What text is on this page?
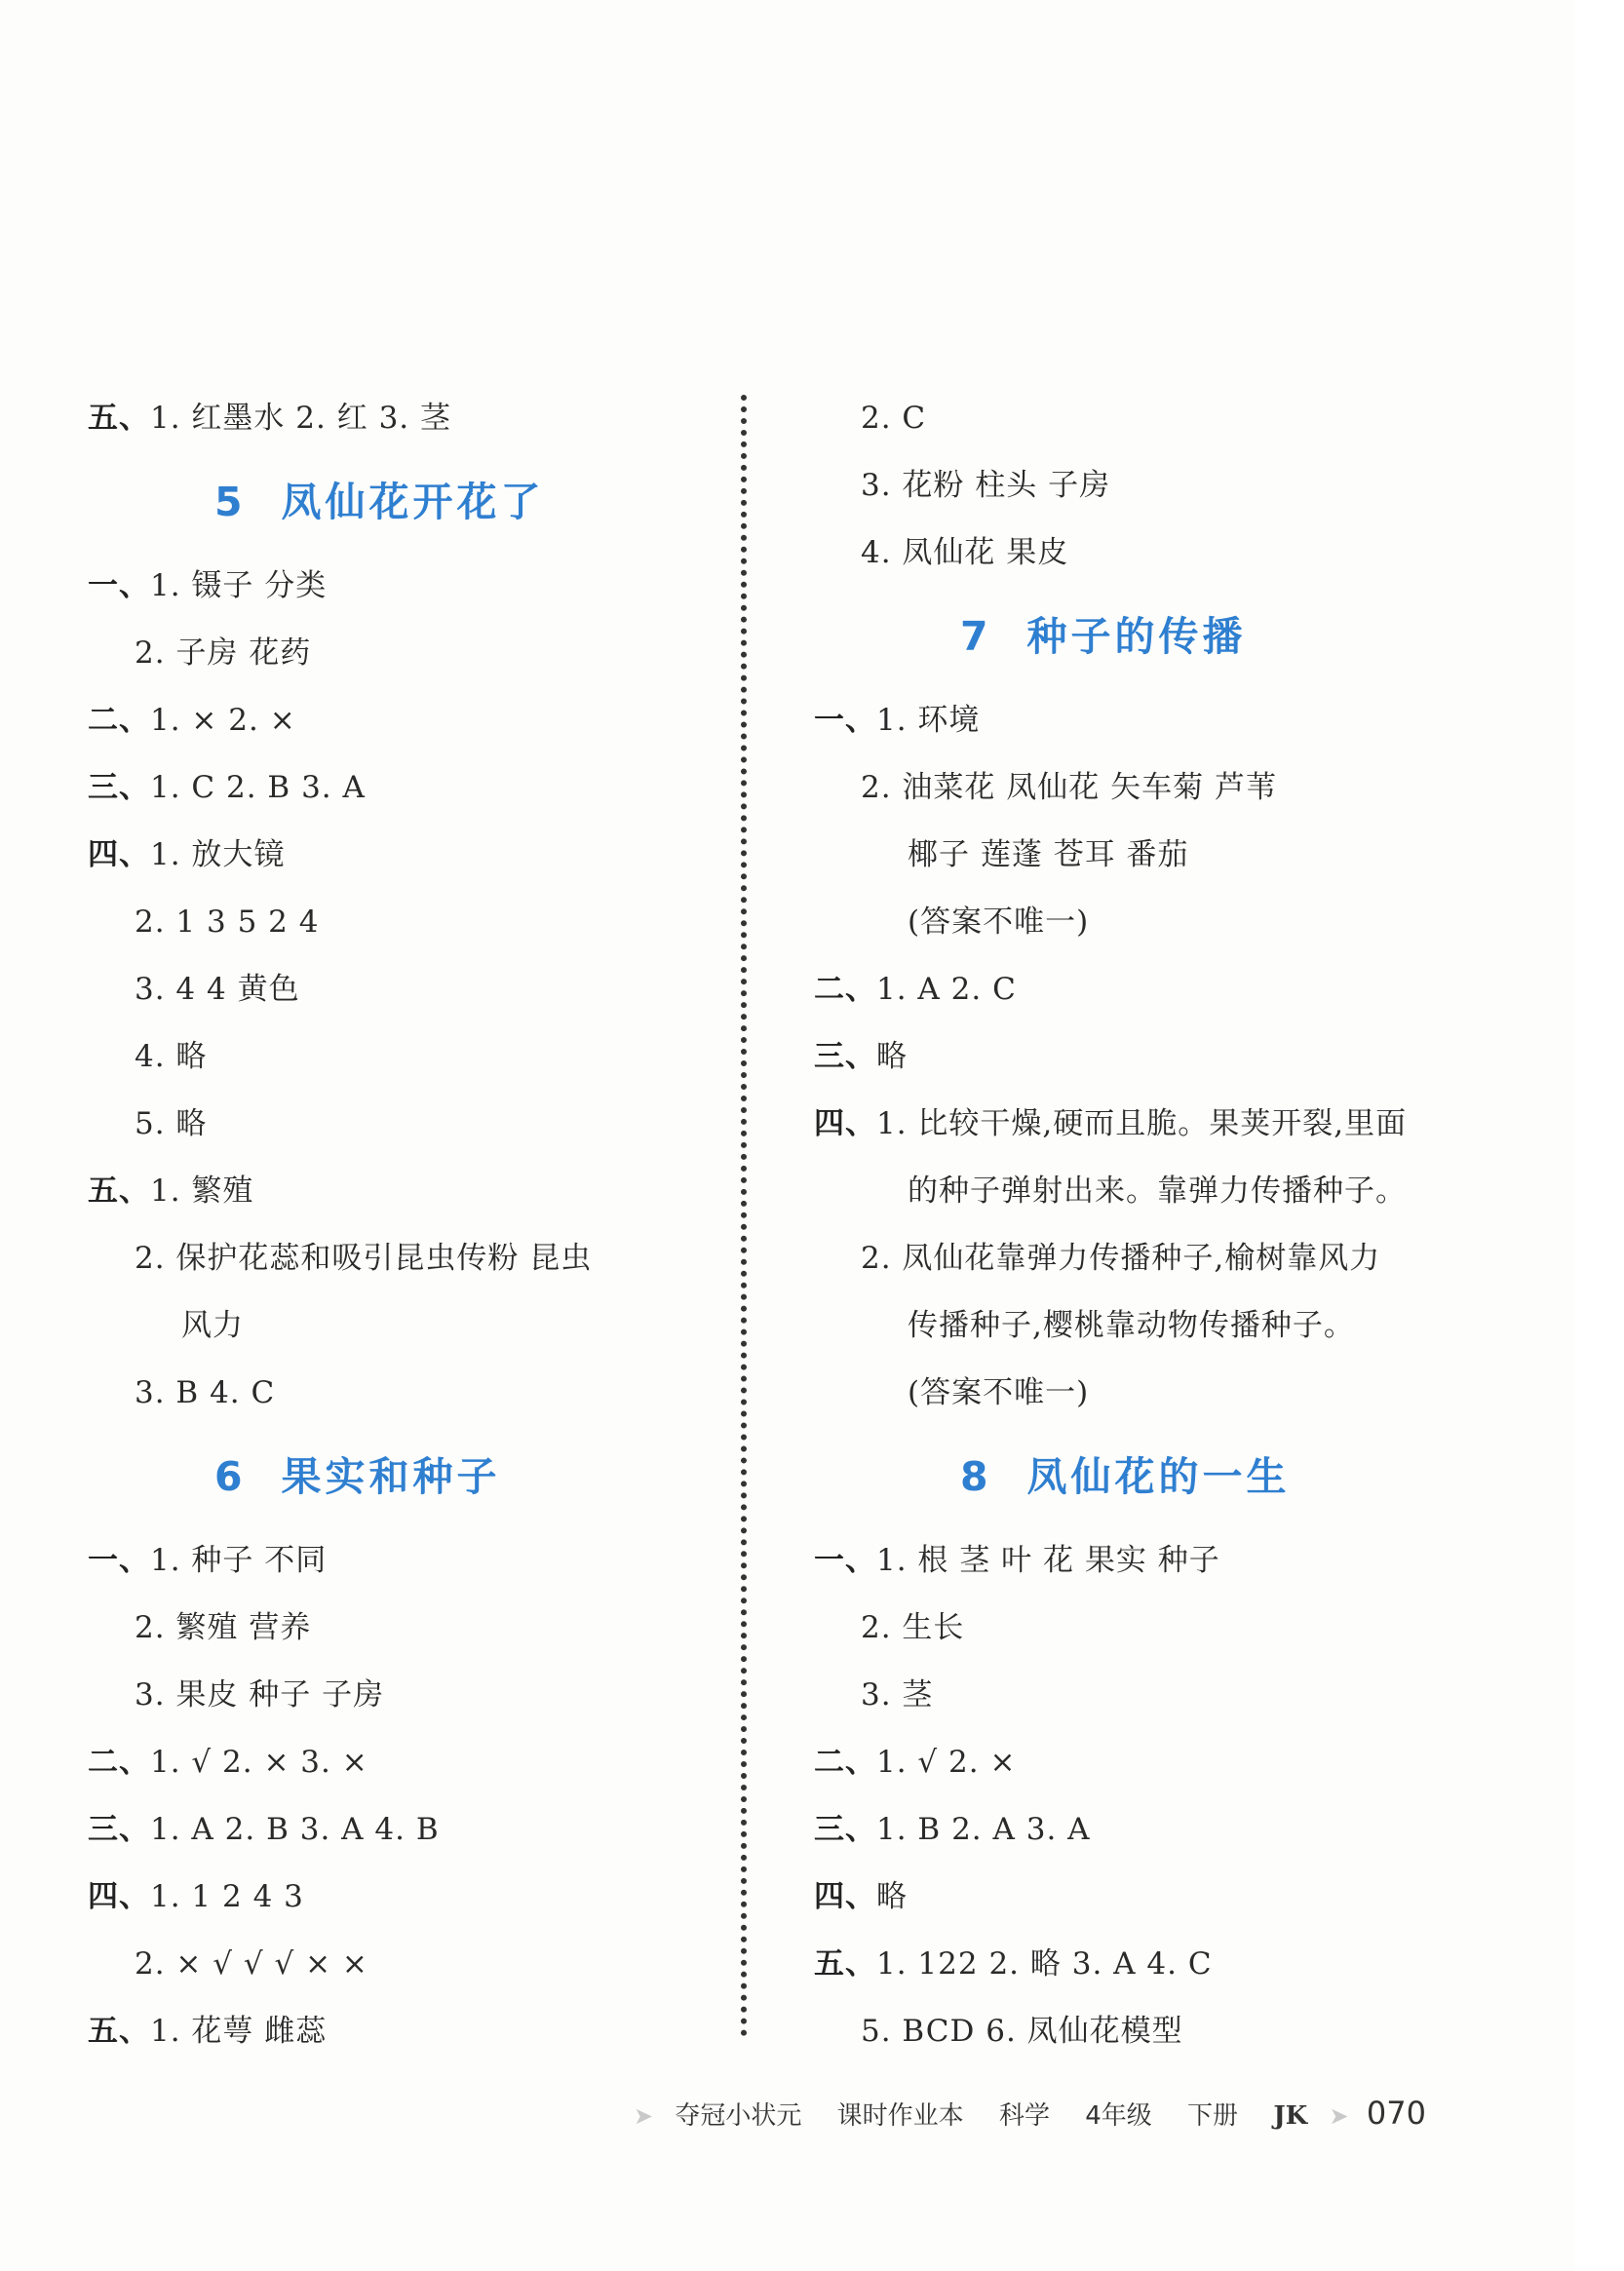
五、1. 红墨水 2. 红 3. 茎
5 凤仙花开花了
一、1. 镊子 分类
2. 子房 花药
二、1. × 2. ×
三、1. C 2. B 3. A
四、1. 放大镜
2. 1 3 5 2 4
3. 4 4 黄色
4. 略
5. 略
五、1. 繁殖
2. 保护花蕊和吸引昆虫传粉 昆虫
风力
3. B 4. C
6 果实和种子
一、1. 种子 不同
2. 繁殖 营养
3. 果皮 种子 子房
二、1. √ 2. × 3. ×
三、1. A 2. B 3. A 4. B
四、1. 1 2 4 3
2. × √ √ √ × ×
五、1. 花萼 雌蕊
2. C
3. 花粉 柱头 子房
4. 凤仙花 果皮
7 种子的传播
一、1. 环境
2. 油菜花 凤仙花 矢车菊 芦苇
椰子 莲蓬 苍耳 番茄
(答案不唯一)
二、1. A 2. C
三、略
四、1. 比较干燥,硬而且脆。果荚开裂,里面
的种子弹射出来。靠弹力传播种子。
2. 凤仙花靠弹力传播种子,榆树靠风力
传播种子,樱桃靠动物传播种子。
(答案不唯一)
8 凤仙花的一生
一、1. 根 茎 叶 花 果实 种子
2. 生长
3. 茎
二、1. √ 2. ×
三、1. B 2. A 3. A
四、略
五、1. 122 2. 略 3. A 4. C
5. BCD 6. 凤仙花模型
➤ 夺冠小状元 课时作业本 科学 4年级 下册 JK ➤ 070
